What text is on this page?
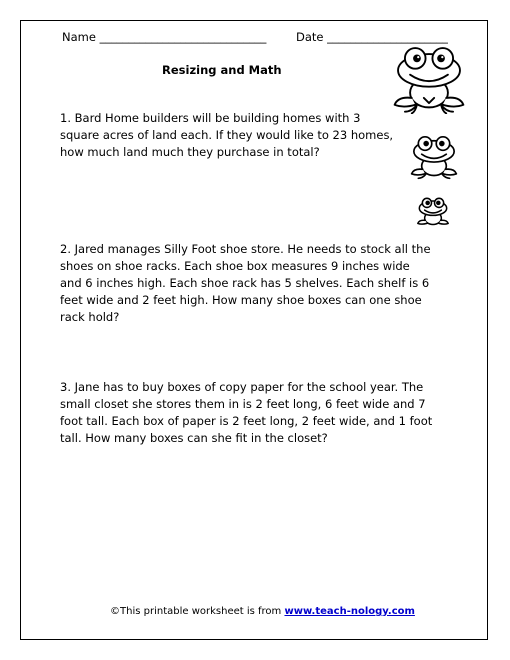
Name _____________________________	Date _____________________
Resizing and Math
1. Bard Home builders will be building homes with 3
square acres of land each. If they would like to 23 homes,
how much land much they purchase in total?
2. Jared manages Silly Foot shoe store. He needs to stock all the
shoes on shoe racks. Each shoe box measures 9 inches wide
and 6 inches high. Each shoe rack has 5 shelves. Each shelf is 6
feet wide and 2 feet high. How many shoe boxes can one shoe
rack hold?
3. Jane has to buy boxes of copy paper for the school year. The
small closet she stores them in is 2 feet long, 6 feet wide and 7
foot tall. Each box of paper is 2 feet long, 2 feet wide, and 1 foot
tall. How many boxes can she fit in the closet?
©This printable worksheet is from www.teach-nology.com
